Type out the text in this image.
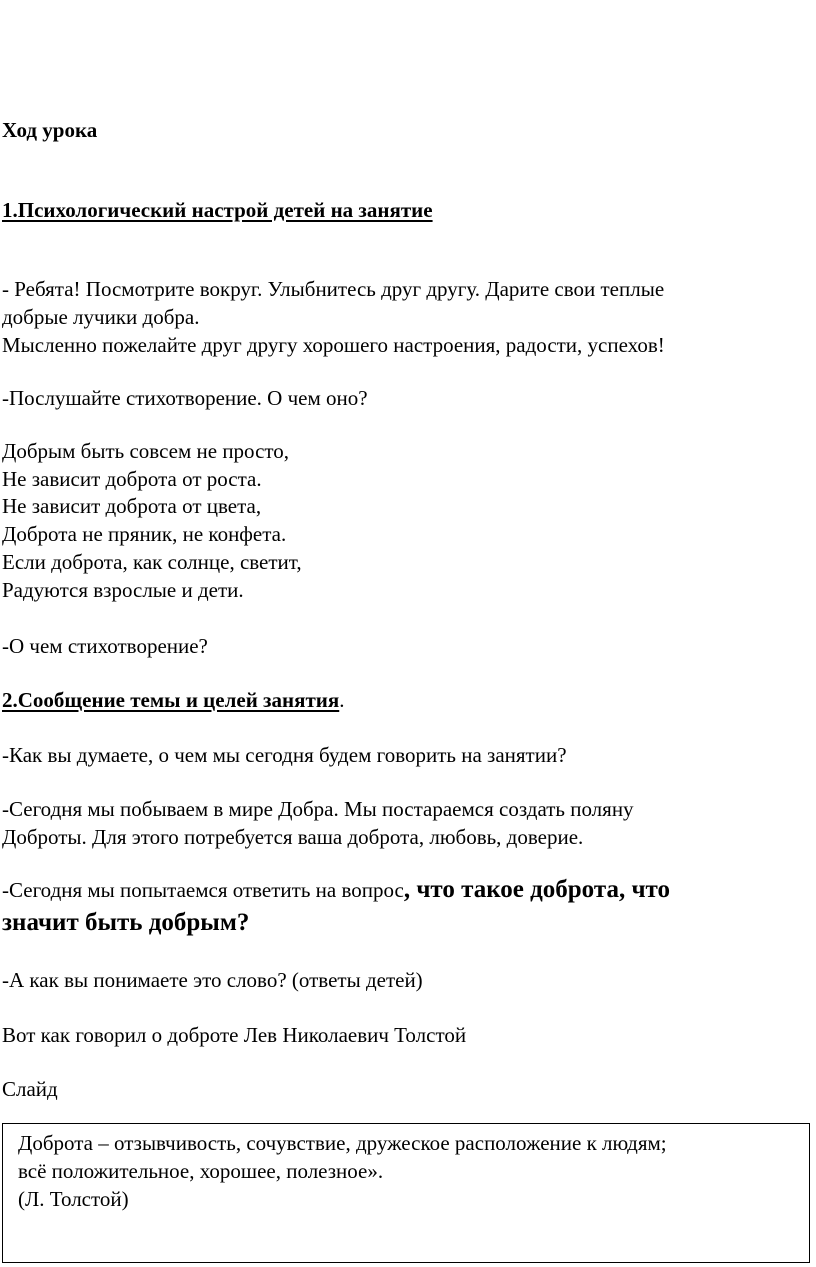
Ход урока
1.Психологический настрой детей на занятие
- Ребята! Посмотрите вокруг. Улыбнитесь друг другу. Дарите свои теплые
добрые лучики добра.
Мысленно пожелайте друг другу хорошего настроения, радости, успехов!
-Послушайте стихотворение. О чем оно?
Добрым быть совсем не просто,
Не зависит доброта от роста.
Не зависит доброта от цвета,
Доброта не пряник, не конфета.
Если доброта, как солнце, светит,
Радуются взрослые и дети.
-О чем стихотворение?
2.Сообщение темы и целей занятия.
-Как вы думаете, о чем мы сегодня будем говорить на занятии?
-Сегодня мы побываем в мире Добра. Мы постараемся создать поляну
Доброты. Для этого потребуется ваша доброта, любовь, доверие.
-Сегодня мы попытаемся ответить на вопрос, что такое доброта, что
значит быть добрым?
-А как вы понимаете это слово? (ответы детей)
Вот как говорил о доброте Лев Николаевич Толстой
Слайд
Доброта – отзывчивость, сочувствие, дружеское расположение к людям;
всё положительное, хорошее, полезное».
(Л. Толстой)
